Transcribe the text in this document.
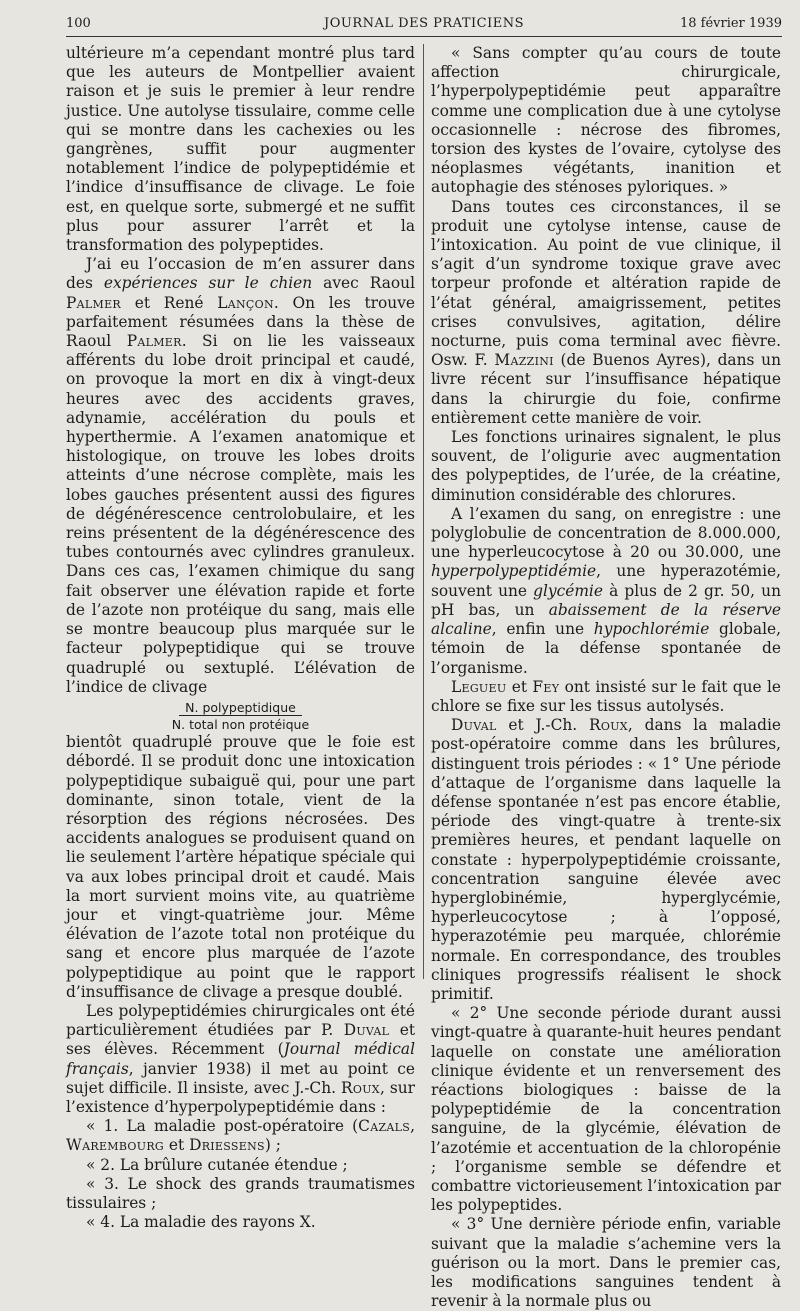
100	JOURNAL DES PRATICIENS	18 février 1939

ultérieure m’a cependant montré plus tard que les auteurs de Montpellier avaient raison et je suis le premier à leur rendre justice. Une autolyse tissulaire, comme celle qui se montre dans les cachexies ou les gangrènes, suffit pour augmenter notablement l’indice de polypeptidémie et l’indice d’insuffisance de clivage. Le foie est, en quelque sorte, submergé et ne suffit plus pour assurer l’arrêt et la transformation des polypeptides.

J’ai eu l’occasion de m’en assurer dans des expériences sur le chien avec Raoul Palmer et René Lançon. On les trouve parfaitement résumées dans la thèse de Raoul Palmer. Si on lie les vaisseaux afférents du lobe droit principal et caudé, on provoque la mort en dix à vingt-deux heures avec des accidents graves, adynamie, accélération du pouls et hyperthermie. A l’examen anatomique et histologique, on trouve les lobes droits atteints d’une nécrose complète, mais les lobes gauches présentent aussi des figures de dégénérescence centrolobulaire, et les reins présentent de la dégénérescence des tubes contournés avec cylindres granuleux. Dans ces cas, l’examen chimique du sang fait observer une élévation rapide et forte de l’azote non protéique du sang, mais elle se montre beaucoup plus marquée sur le facteur polypeptidique qui se trouve quadruplé ou sextuplé. L’élévation de l’indice de clivage

N. polypeptidique
N. total non protéique

bientôt quadruplé prouve que le foie est débordé. Il se produit donc une intoxication polypeptidique subaiguë qui, pour une part dominante, sinon totale, vient de la résorption des régions nécrosées. Des accidents analogues se produisent quand on lie seulement l’artère hépatique spéciale qui va aux lobes principal droit et caudé. Mais la mort survient moins vite, au quatrième jour et vingt-quatrième jour. Même élévation de l’azote total non protéique du sang et encore plus marquée de l’azote polypeptidique au point que le rapport d’insuffisance de clivage a presque doublé.

Les polypeptidémies chirurgicales ont été particulièrement étudiées par P. Duval et ses élèves. Récemment (Journal médical français, janvier 1938) il met au point ce sujet difficile. Il insiste, avec J.-Ch. Roux, sur l’existence d’hyperpolypeptidémie dans :

« 1. La maladie post-opératoire (Cazals, Warembourg et Driessens) ;

« 2. La brûlure cutanée étendue ;

« 3. Le shock des grands traumatismes tissulaires ;

« 4. La maladie des rayons X.

« Sans compter qu’au cours de toute affection chirurgicale, l’hyperpolypeptidémie peut apparaître comme une complication due à une cytolyse occasionnelle : nécrose des fibromes, torsion des kystes de l’ovaire, cytolyse des néoplasmes végétants, inanition et autophagie des sténoses pyloriques. »

Dans toutes ces circonstances, il se produit une cytolyse intense, cause de l’intoxication. Au point de vue clinique, il s’agit d’un syndrome toxique grave avec torpeur profonde et altération rapide de l’état général, amaigrissement, petites crises convulsives, agitation, délire nocturne, puis coma terminal avec fièvre. Osw. F. Mazzini (de Buenos Ayres), dans un livre récent sur l’insuffisance hépatique dans la chirurgie du foie, confirme entièrement cette manière de voir.

Les fonctions urinaires signalent, le plus souvent, de l’oligurie avec augmentation des polypeptides, de l’urée, de la créatine, diminution considérable des chlorures.

A l’examen du sang, on enregistre : une polyglobulie de concentration de 8.000.000, une hyperleucocytose à 20 ou 30.000, une hyperpolypeptidémie, une hyperazotémie, souvent une glycémie à plus de 2 gr. 50, un pH bas, un abaissement de la réserve alcaline, enfin une hypochlorémie globale, témoin de la défense spontanée de l’organisme.

Legueu et Fey ont insisté sur le fait que le chlore se fixe sur les tissus autolysés.

Duval et J.-Ch. Roux, dans la maladie post-opératoire comme dans les brûlures, distinguent trois périodes : « 1° Une période d’attaque de l’organisme dans laquelle la défense spontanée n’est pas encore établie, période des vingt-quatre à trente-six premières heures, et pendant laquelle on constate : hyperpolypeptidémie croissante, concentration sanguine élevée avec hyperglobinémie, hyperglycémie, hyperleucocytose ; à l’opposé, hyperazotémie peu marquée, chlorémie normale. En correspondance, des troubles cliniques progressifs réalisent le shock primitif.

« 2° Une seconde période durant aussi vingt-quatre à quarante-huit heures pendant laquelle on constate une amélioration clinique évidente et un renversement des réactions biologiques : baisse de la polypeptidémie de la concentration sanguine, de la glycémie, élévation de l’azotémie et accentuation de la chloropénie ; l’organisme semble se défendre et combattre victorieusement l’intoxication par les polypeptides.

« 3° Une dernière période enfin, variable suivant que la maladie s’achemine vers la guérison ou la mort. Dans le premier cas, les modifications sanguines tendent à revenir à la normale plus ou
